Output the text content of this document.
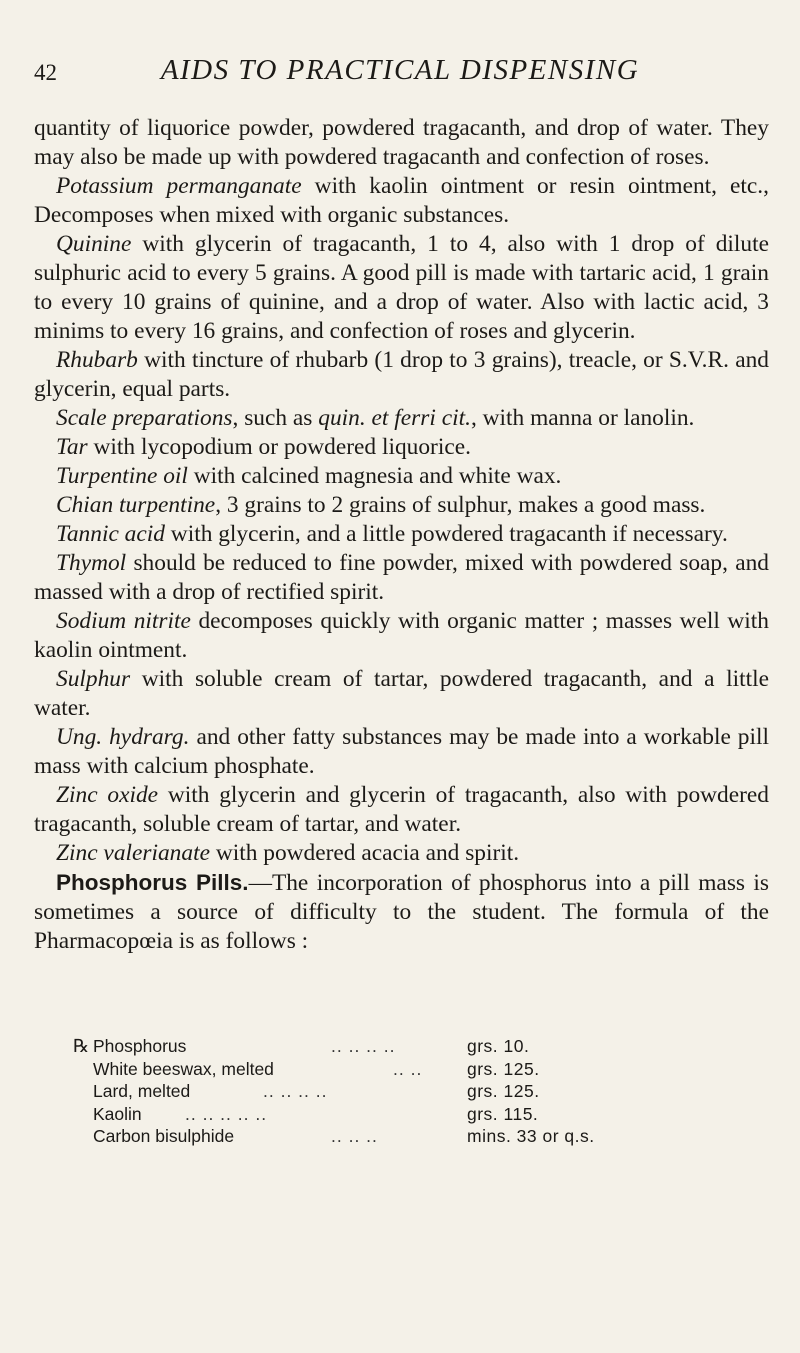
42	AIDS TO PRACTICAL DISPENSING

quantity of liquorice powder, powdered tragacanth, and drop of water. They may also be made up with powdered tragacanth and confection of roses.

Potassium permanganate with kaolin ointment or resin ointment, etc., Decomposes when mixed with organic substances.

Quinine with glycerin of tragacanth, 1 to 4, also with 1 drop of dilute sulphuric acid to every 5 grains. A good pill is made with tartaric acid, 1 grain to every 10 grains of quinine, and a drop of water. Also with lactic acid, 3 minims to every 16 grains, and confection of roses and glycerin.

Rhubarb with tincture of rhubarb (1 drop to 3 grains), treacle, or S.V.R. and glycerin, equal parts.

Scale preparations, such as quin. et ferri cit., with manna or lanolin.

Tar with lycopodium or powdered liquorice.

Turpentine oil with calcined magnesia and white wax.

Chian turpentine, 3 grains to 2 grains of sulphur, makes a good mass.

Tannic acid with glycerin, and a little powdered tragacanth if necessary.

Thymol should be reduced to fine powder, mixed with powdered soap, and massed with a drop of rectified spirit.

Sodium nitrite decomposes quickly with organic matter ; masses well with kaolin ointment.

Sulphur with soluble cream of tartar, powdered tragacanth, and a little water.

Ung. hydrarg. and other fatty substances may be made into a workable pill mass with calcium phosphate.

Zinc oxide with glycerin and glycerin of tragacanth, also with powdered tragacanth, soluble cream of tartar, and water.

Zinc valerianate with powdered acacia and spirit.

Phosphorus Pills.—The incorporation of phosphorus into a pill mass is sometimes a source of difficulty to the student. The formula of the Pharmacopœia is as follows :

℞ Phosphorus	.. .. .. ..	grs. 10.
White beeswax, melted	.. ..	grs. 125.
Lard, melted	.. .. .. ..	grs. 125.
Kaolin .. .. .. .. ..	grs. 115.
Carbon bisulphide	.. .. ..	mins. 33 or q.s.
